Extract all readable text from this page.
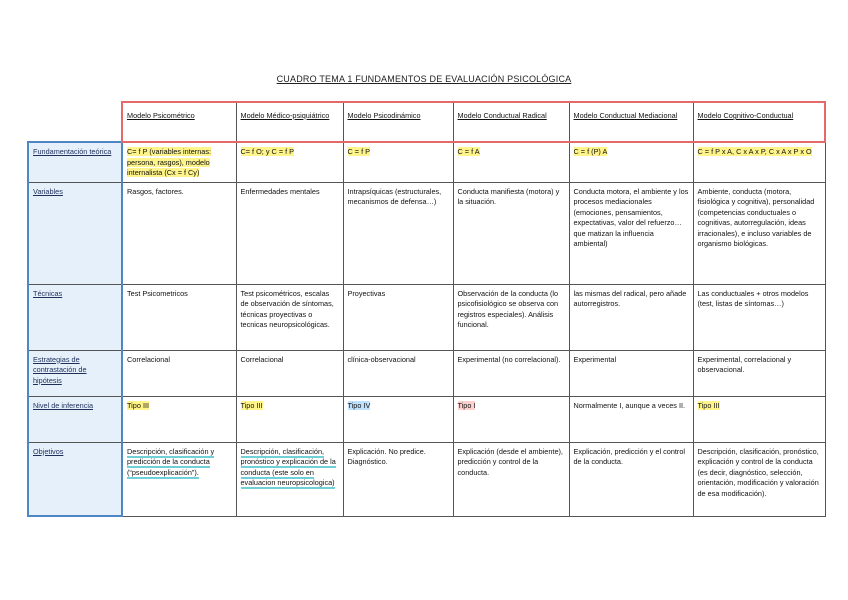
CUADRO TEMA 1 FUNDAMENTOS DE EVALUACIÓN PSICOLÓGICA
	Modelo Psicométrico	Modelo Médico-psiquiátrico	Modelo Psicodinámico	Modelo Conductual Radical	Modelo Conductual Mediacional	Modelo Cognitivo-Conductual
Fundamentación teórica	C= f P (variables internas: persona, rasgos), modelo internalista (Cx = f Cy)	C= f O; y C = f P	C = f P	C = f A	C = f (P) A	C = f P x A, C x A x P, C x A x P x O
Variables	Rasgos, factores.	Enfermedades mentales	Intrapsíquicas (estructurales, mecanismos de defensa…)	Conducta manifiesta (motora) y la situación.	Conducta motora, el ambiente y los procesos mediacionales (emociones, pensamientos, expectativas, valor del refuerzo… que matizan la influencia ambiental)	Ambiente, conducta (motora, fisiológica y cognitiva), personalidad (competencias conductuales o cognitivas, autorregulación, ideas irracionales), e incluso variables de organismo biológicas.
Técnicas	Test Psicometricos	Test psicométricos, escalas de observación de síntomas, técnicas proyectivas o tecnicas neuropsicológicas.	Proyectivas	Observación de la conducta (lo psicofisiológico se observa con registros especiales). Análisis funcional.	las mismas del radical, pero añade autorregistros.	Las conductuales + otros modelos (test, listas de síntomas…)
Estrategias de contrastación de hipótesis	Correlacional	Correlacional	clínica-observacional	Experimental (no correlacional).	Experimental	Experimental, correlacional y observacional.
Nivel de inferencia	Tipo III	Tipo III	Tipo IV	Tipo I	Normalmente I, aunque a veces II.	Tipo III
Objetivos	Descripción, clasificación y predicción de la conducta (“pseudoexplicación”).	Descripción, clasificación, pronóstico y explicación de la conducta (este solo en evaluacion neuropsicologica)	Explicación. No predice. Diagnóstico.	Explicación (desde el ambiente), predicción y control de la conducta.	Explicación, predicción y el control de la conducta.	Descripción, clasificación, pronóstico, explicación y control de la conducta (es decir, diagnóstico, selección, orientación, modificación y valoración de esa modificación).
